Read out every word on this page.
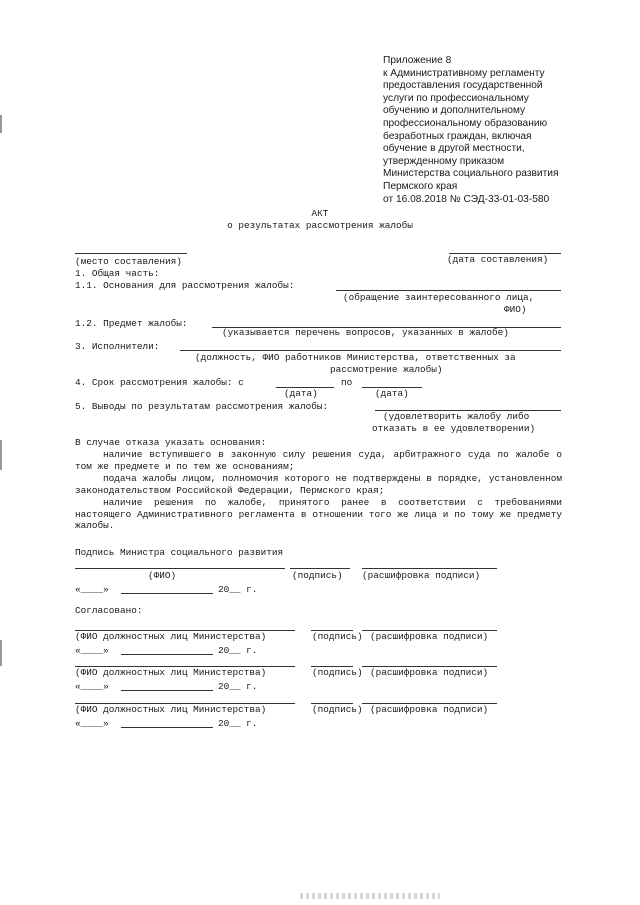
Приложение 8
к Административному регламенту
предоставления государственной
услуги по профессиональному
обучению и дополнительному
профессиональному образованию
безработных граждан, включая
обучение в другой местности,
утвержденному приказом
Министерства социального развития
Пермского края
от 16.08.2018 № СЭД-33-01-03-580
АКТ
о результатах рассмотрения жалобы
(место составления)	(дата составления)
1. Общая часть:
1.1. Основания для рассмотрения жалобы:
(обращение заинтересованного лица,
ФИО)
1.2. Предмет жалобы:
(указывается перечень вопросов, указанных в жалобе)
3. Исполнители:
(должность, ФИО работников Министерства, ответственных за
рассмотрение жалобы)
4. Срок рассмотрения жалобы: с	по
(дата)	(дата)
5. Выводы по результатам рассмотрения жалобы:
(удовлетворить жалобу либо
отказать в ее удовлетворении)
В случае отказа указать основания:
наличие вступившего в законную силу решения суда, арбитражного суда по жалобе о том же предмете и по тем же основаниям;
подача жалобы лицом, полномочия которого не подтверждены в порядке, установленном законодательством Российской Федерации, Пермского края;
наличие решения по жалобе, принятого ранее в соответствии с требованиями настоящего Административного регламента в отношении того же лица и по тому же предмету жалобы.
Подпись Министра социального развития
(ФИО)	(подпись) (расшифровка подписи)
«____»	20__ г.
Согласовано:
(ФИО должностных лиц Министерства)	(подпись) (расшифровка подписи)
«____»	20__ г.
(ФИО должностных лиц Министерства)	(подпись) (расшифровка подписи)
«____»	20__ г.
(ФИО должностных лиц Министерства)	(подпись) (расшифровка подписи)
«____»	20__ г.
